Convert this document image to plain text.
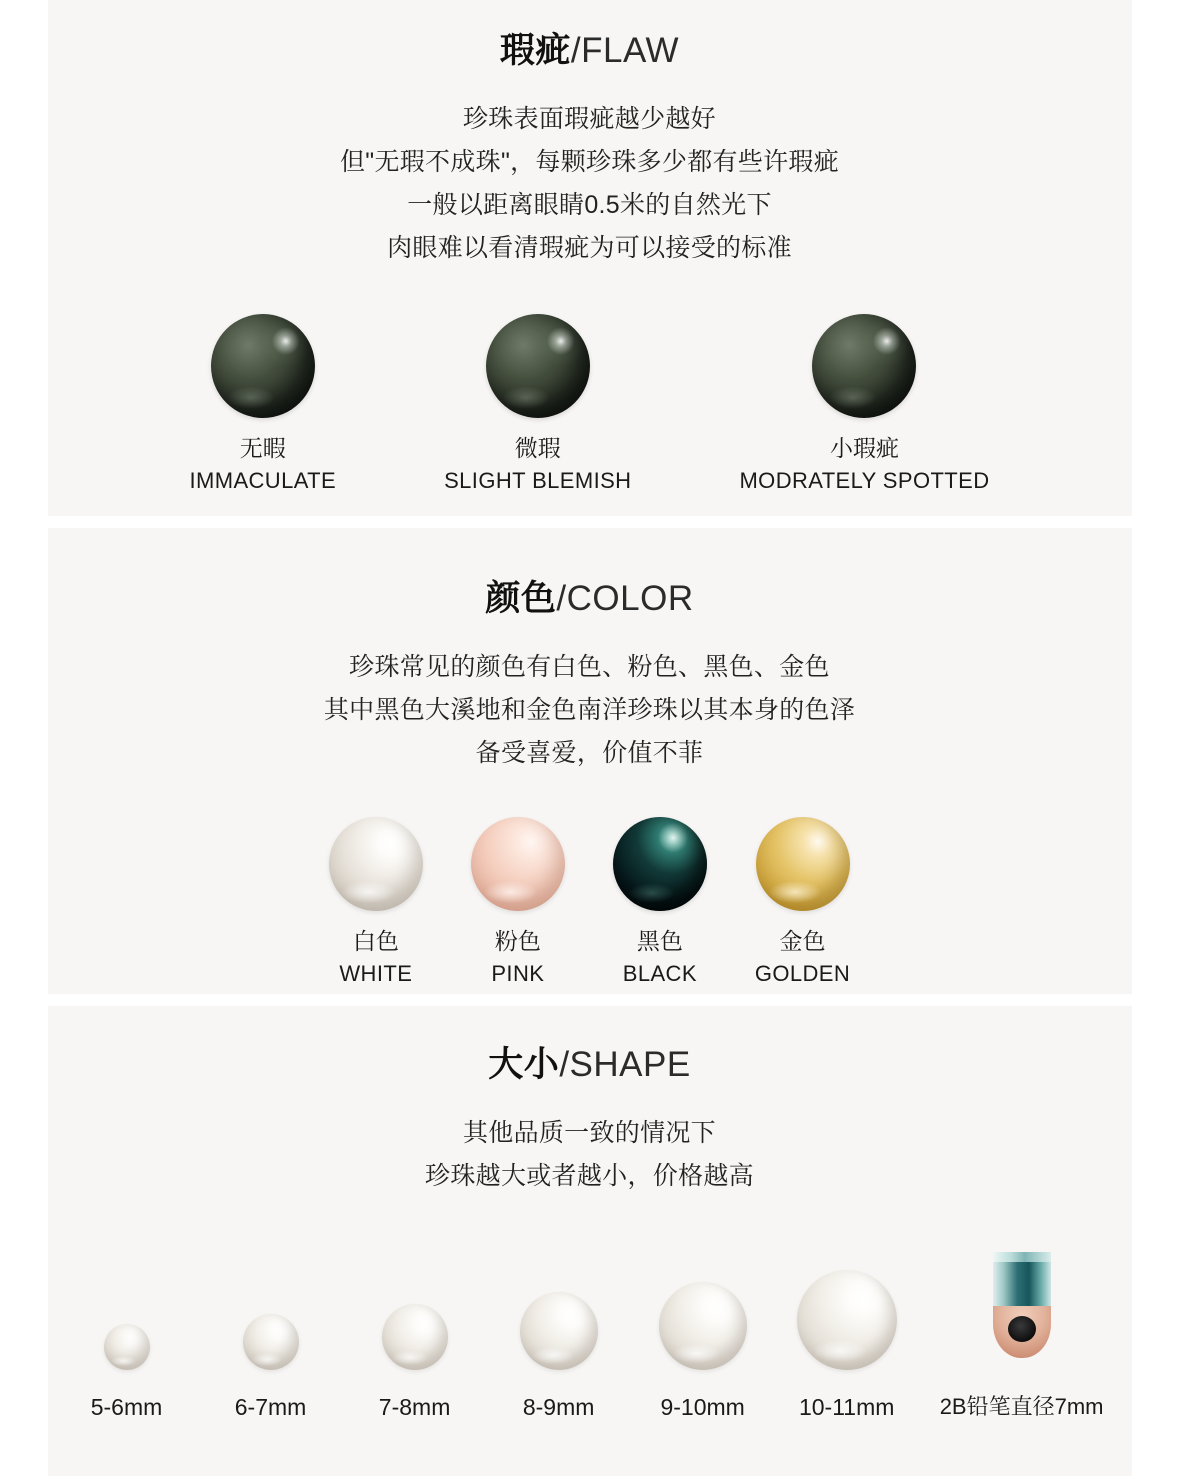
瑕疵/FLAW
珍珠表面瑕疵越少越好
但"无瑕不成珠"，每颗珍珠多少都有些许瑕疵
一般以距离眼睛0.5米的自然光下
肉眼难以看清瑕疵为可以接受的标准
无暇
IMMACULATE
微瑕
SLIGHT BLEMISH
小瑕疵
MODRATELY SPOTTED
颜色/COLOR
珍珠常见的颜色有白色、粉色、黑色、金色
其中黑色大溪地和金色南洋珍珠以其本身的色泽
备受喜爱，价值不菲
白色
WHITE
粉色
PINK
黑色
BLACK
金色
GOLDEN
大小/SHAPE
其他品质一致的情况下
珍珠越大或者越小，价格越高
5-6mm	6-7mm	7-8mm	8-9mm	9-10mm 10-11mm 2B铅笔直径7mm
